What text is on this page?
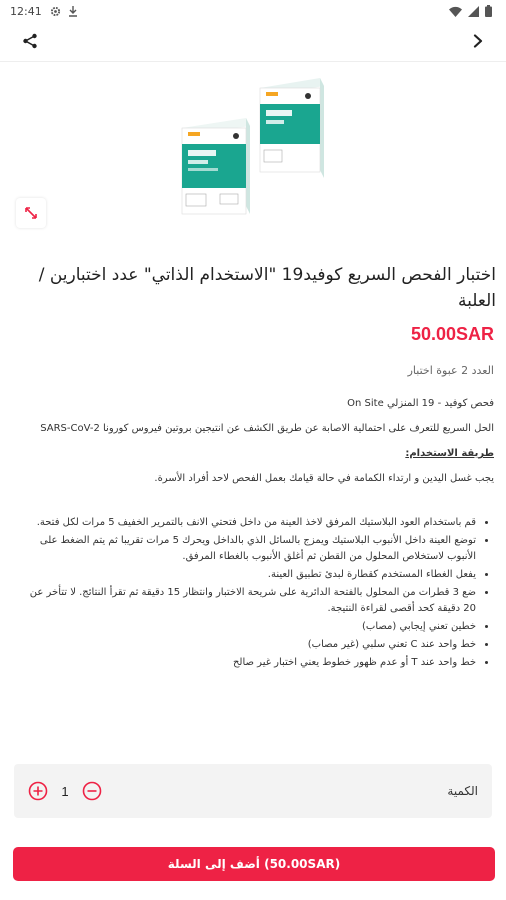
12:41
اختبار الفحص السريع كوفيد19 "الاستخدام الذاتي" عدد اختبارين / العلبة
50.00SAR
العدد 2 عبوة اختبار

فحص كوفيد - 19 المنزلي On Site

الحل السريع للتعرف على احتمالية الاصابة عن طريق الكشف عن انتيجين بروتين فيروس كورونا SARS-CoV-2

طريقة الاستخدام:

يجب غسل اليدين و ارتداء الكمامة في حالة قيامك بعمل الفحص لاحد أفراد الأسرة.

• قم باستخدام العود البلاستيك المرفق لاخذ العينة من داخل فتحتي الانف بالتمرير الخفيف 5 مرات لكل فتحة.
• توضع العينة داخل الأنبوب البلاستيك ويمزج بالسائل الذي بالداخل ويحرك 5 مرات تقريبا ثم يتم الضغط على الأنبوب لاستخلاص المحلول من القطن ثم أغلق الأنبوب بالغطاء المرفق.
• يفعل الغطاء المستخدم كقطارة لبدئ تطبيق العينة.
• ضع 3 قطرات من المحلول بالفتحة الدائرية على شريحة الاختبار وانتظار 15 دقيقة ثم تقرأ النتائج. لا تتأخر عن 20 دقيقة كحد أقصى لقراءة النتيجة.
• خطين تعني إيجابي (مصاب)
• خط واحد عند C تعني سلبي (غير مصاب)
• خط واحد عند T أو عدم ظهور خطوط يعني اختبار غير صالح
1	الكمية
أضف إلى السلة (50.00SAR)
